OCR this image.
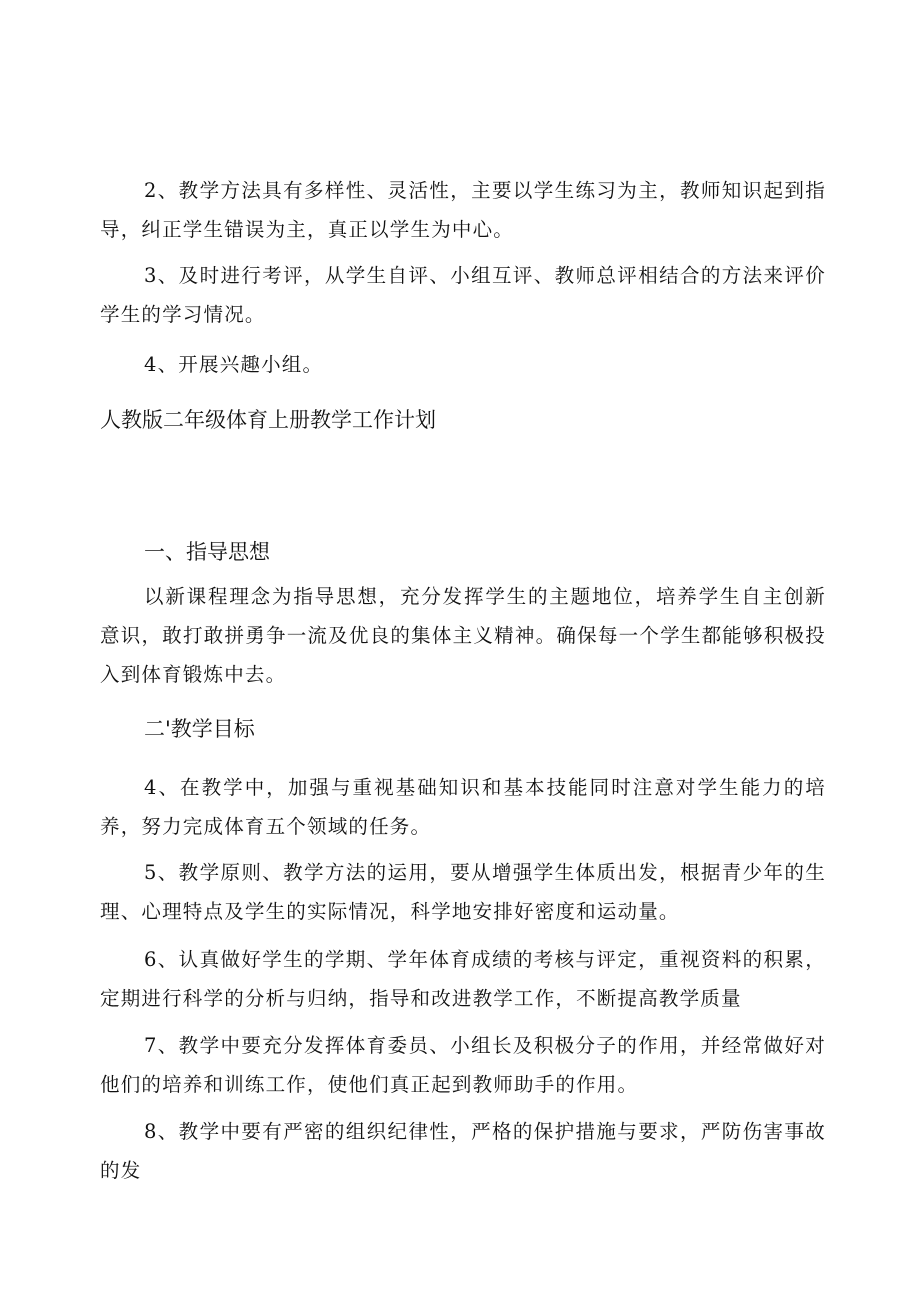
2、教学方法具有多样性、灵活性，主要以学生练习为主，教师知识起到指导，纠正学生错误为主，真正以学生为中心。

3、及时进行考评，从学生自评、小组互评、教师总评相结合的方法来评价学生的学习情况。

4、开展兴趣小组。

人教版二年级体育上册教学工作计划
一、指导思想

以新课程理念为指导思想，充分发挥学生的主题地位，培养学生自主创新意识，敢打敢拼勇争一流及优良的集体主义精神。确保每一个学生都能够积极投入到体育锻炼中去。

二'教学目标

4、在教学中，加强与重视基础知识和基本技能同时注意对学生能力的培养，努力完成体育五个领域的任务。

5、教学原则、教学方法的运用，要从增强学生体质出发，根据青少年的生理、心理特点及学生的实际情况，科学地安排好密度和运动量。

6、认真做好学生的学期、学年体育成绩的考核与评定，重视资料的积累，定期进行科学的分析与归纳，指导和改进教学工作，不断提高教学质量

7、教学中要充分发挥体育委员、小组长及积极分子的作用，并经常做好对他们的培养和训练工作，使他们真正起到教师助手的作用。

8、教学中要有严密的组织纪律性，严格的保护措施与要求，严防伤害事故的发
